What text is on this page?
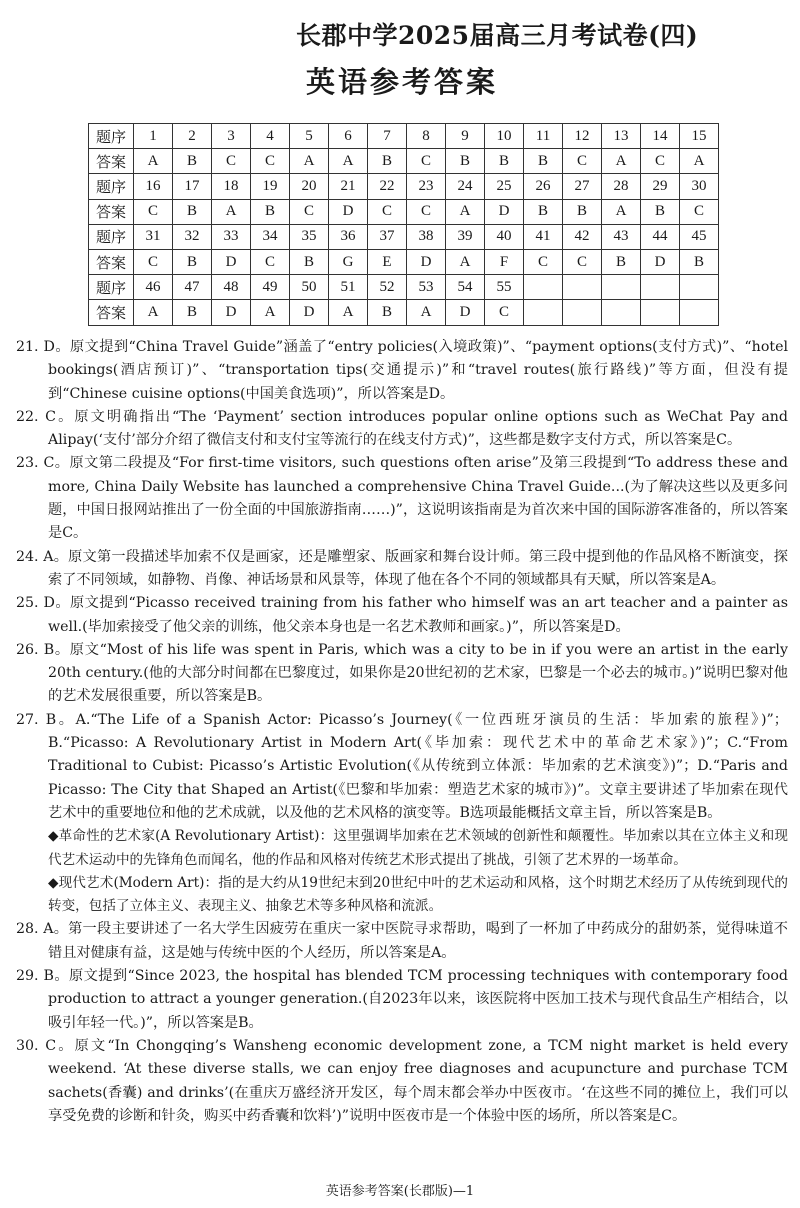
长郡中学2025届高三月考试卷(四)
英语参考答案
题序	1	2	3	4	5	6	7	8	9	10	11	12	13	14	15
答案	A	B	C	C	A	A	B	C	B	B	B	C	A	C	A
题序	16	17	18	19	20	21	22	23	24	25	26	27	28	29	30
答案	C	B	A	B	C	D	C	C	A	D	B	B	A	B	C
题序	31	32	33	34	35	36	37	38	39	40	41	42	43	44	45
答案	C	B	D	C	B	G	E	D	A	F	C	C	B	D	B
题序	46	47	48	49	50	51	52	53	54	55					
答案	A	B	D	A	D	A	B	A	D	C					

21. D。原文提到“China Travel Guide”涵盖了“entry policies(入境政策)”、“payment options(支付方式)”、“hotel bookings(酒店预订)”、“transportation tips(交通提示)”和“travel routes(旅行路线)”等方面，但没有提到“Chinese cuisine options(中国美食选项)”，所以答案是D。

22. C。原文明确指出“The ‘Payment’ section introduces popular online options such as WeChat Pay and Alipay(‘支付’部分介绍了微信支付和支付宝等流行的在线支付方式)”，这些都是数字支付方式，所以答案是C。

23. C。原文第二段提及“For first-time visitors, such questions often arise”及第三段提到“To address these and more, China Daily Website has launched a comprehensive China Travel Guide...(为了解决这些以及更多问题，中国日报网站推出了一份全面的中国旅游指南……)”，这说明该指南是为首次来中国的国际游客准备的，所以答案是C。

24. A。原文第一段描述毕加索不仅是画家，还是雕塑家、版画家和舞台设计师。第三段中提到他的作品风格不断演变，探索了不同领域，如静物、肖像、神话场景和风景等，体现了他在各个不同的领域都具有天赋，所以答案是A。

25. D。原文提到“Picasso received training from his father who himself was an art teacher and a painter as well.(毕加索接受了他父亲的训练，他父亲本身也是一名艺术教师和画家。)”，所以答案是D。

26. B。原文“Most of his life was spent in Paris, which was a city to be in if you were an artist in the early 20th century.(他的大部分时间都在巴黎度过，如果你是20世纪初的艺术家，巴黎是一个必去的城市。)”说明巴黎对他的艺术发展很重要，所以答案是B。

27. B。A.“The Life of a Spanish Actor: Picasso’s Journey(《一位西班牙演员的生活：毕加索的旅程》)”；B.“Picasso: A Revolutionary Artist in Modern Art(《毕加索：现代艺术中的革命艺术家》)”；C.“From Traditional to Cubist: Picasso’s Artistic Evolution(《从传统到立体派：毕加索的艺术演变》)”；D.“Paris and Picasso: The City that Shaped an Artist(《巴黎和毕加索：塑造艺术家的城市》)”。文章主要讲述了毕加索在现代艺术中的重要地位和他的艺术成就，以及他的艺术风格的演变等。B选项最能概括文章主旨，所以答案是B。

◆革命性的艺术家(A Revolutionary Artist)：这里强调毕加索在艺术领域的创新性和颠覆性。毕加索以其在立体主义和现代艺术运动中的先锋角色而闻名，他的作品和风格对传统艺术形式提出了挑战，引领了艺术界的一场革命。

◆现代艺术(Modern Art)：指的是大约从19世纪末到20世纪中叶的艺术运动和风格，这个时期艺术经历了从传统到现代的转变，包括了立体主义、表现主义、抽象艺术等多种风格和流派。

28. A。第一段主要讲述了一名大学生因疲劳在重庆一家中医院寻求帮助，喝到了一杯加了中药成分的甜奶茶，觉得味道不错且对健康有益，这是她与传统中医的个人经历，所以答案是A。

29. B。原文提到“Since 2023, the hospital has blended TCM processing techniques with contemporary food production to attract a younger generation.(自2023年以来，该医院将中医加工技术与现代食品生产相结合，以吸引年轻一代。)”，所以答案是B。

30. C。原文“In Chongqing’s Wansheng economic development zone, a TCM night market is held every weekend. ‘At these diverse stalls, we can enjoy free diagnoses and acupuncture and purchase TCM sachets(香囊) and drinks’(在重庆万盛经济开发区，每个周末都会举办中医夜市。‘在这些不同的摊位上，我们可以享受免费的诊断和针灸，购买中药香囊和饮料’)”说明中医夜市是一个体验中医的场所，所以答案是C。

英语参考答案(长郡版)—1
